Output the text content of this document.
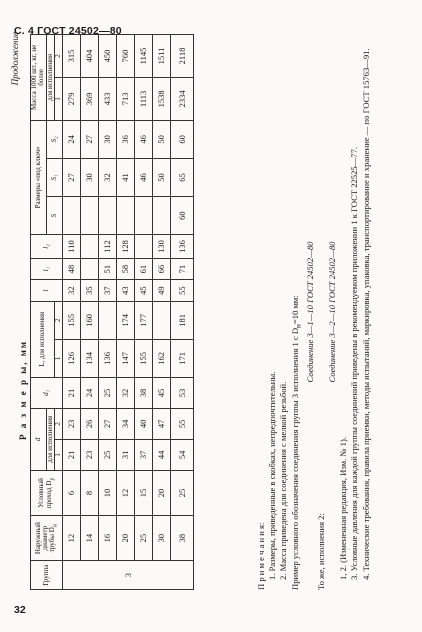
С. 4 ГОСТ 24502—80
32
Продолжение
Р а з м е р ы, мм
Группа	Наружный диаметр трубы $D_н$	Условный проход $D_у$	d		d₁	L, для исполнения		l	l₁	l₂	Размеры «под ключ»			Масса 1000 шт., кг, не более	
			для исполнения								S	S₁	S₂	для исполнения	
			1	2		1	2							1	2
3	12	6	21	23	21	126	155	32	48	110		27	24	279	315
	14	8	23	26	24	134	160	35				30	27	369	404
	16	10	25	27	25	136		37	51	112		32	30	433	450
	20	12	31	34	32	147	174	43	58	128		41	36	713	760
	25	15	37	40	38	155	177	45	61			46	46	1113	1145
	30	20	44	47	45	162		49	66	130		50	50	1538	1511
	38	25	54	55	53	171	181	55	71	136	60	65	60	2334	2118

П р и м е ч а н и я: 1. Размеры, приведенные в скобках, непредпочтительны. 2. Масса приведена для соединения с мелкой резьбой. Пример условного обозначения соединения группы 3 исполнения 1 с $D_н=10$ мм: Соединение 3—1—10 ГОСТ 24502—80

То же, исполнения 2:

Соединение 3—2—10 ГОСТ 24502—80

1, 2. (Измененная редакция, Изм. № 1). 3. Условные давления для каждой группы соединений приведены в рекомендуемом приложении 1 к ГОСТ 22525—77. 4. Технические требования, правила приемки, методы испытаний, маркировка, упаковка, транспортирование и хранение — по ГОСТ 15763—91.
